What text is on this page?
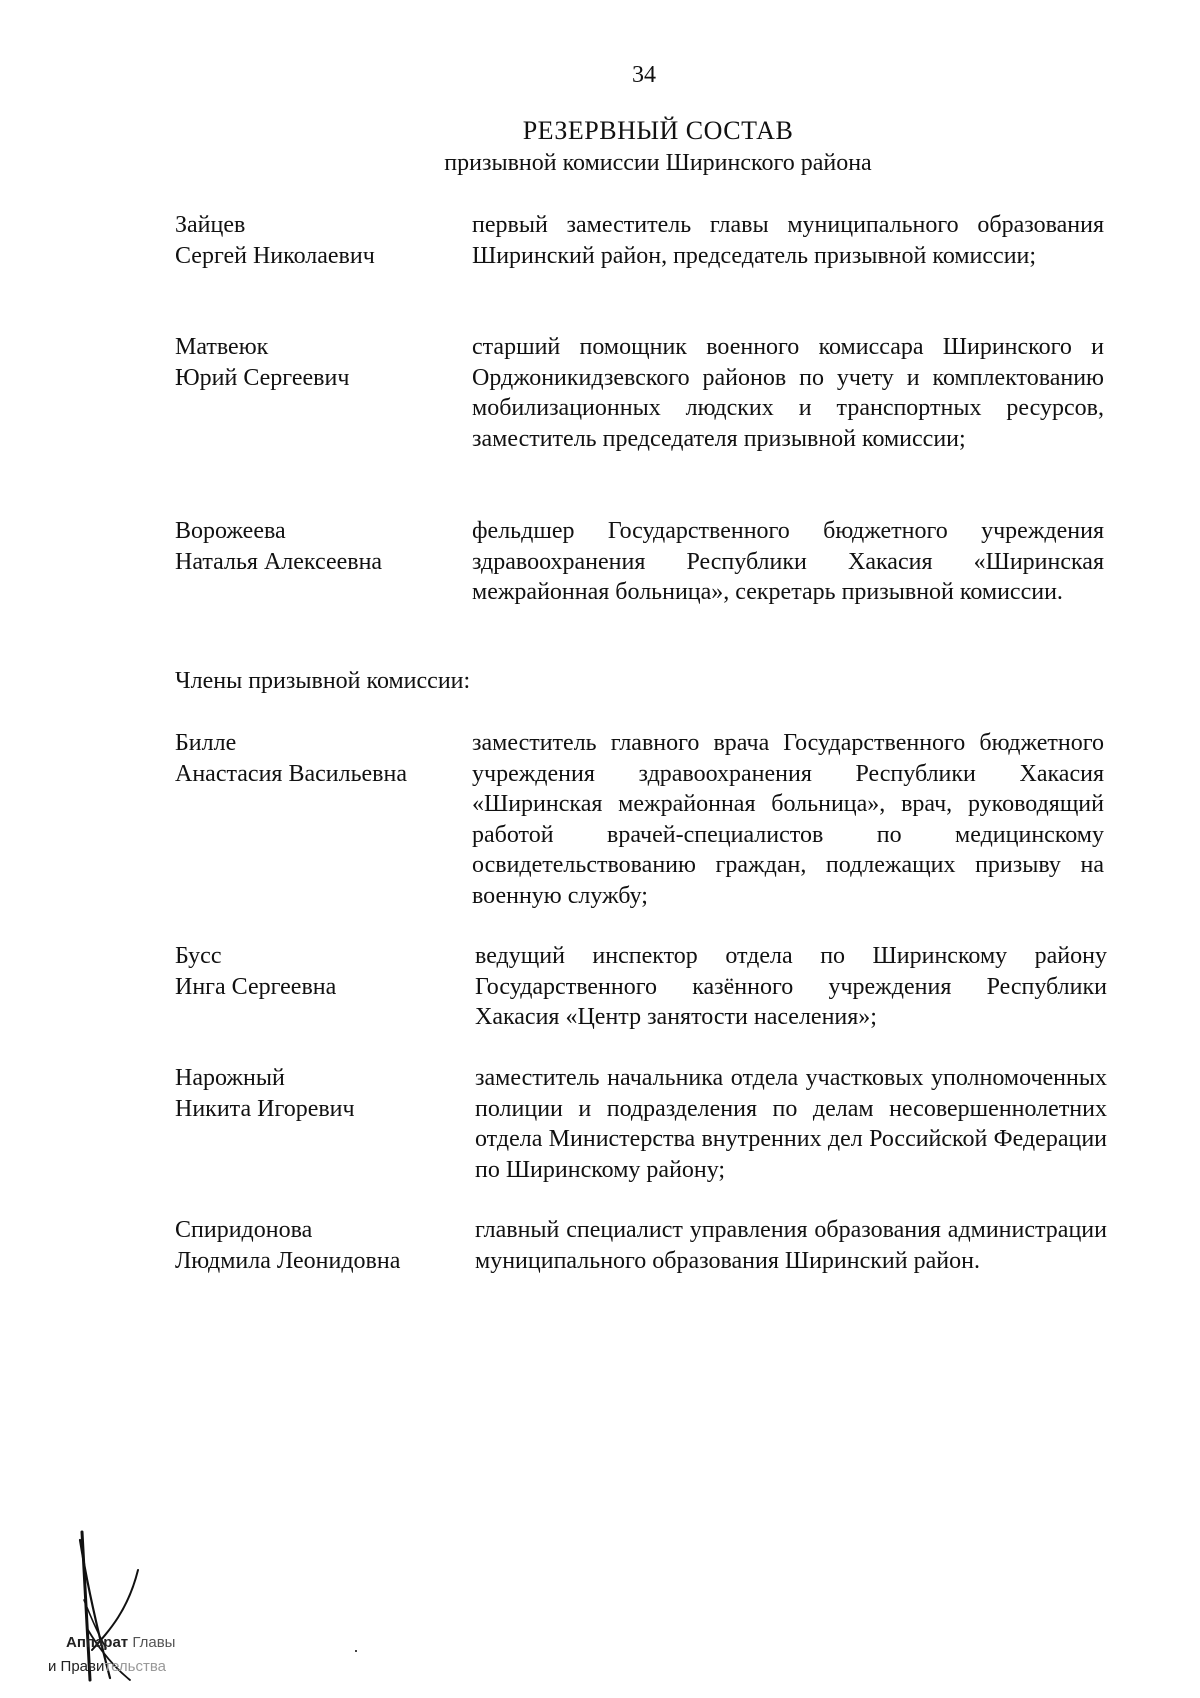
34
РЕЗЕРВНЫЙ СОСТАВ
призывной комиссии Ширинского района
Зайцев
Сергей Николаевич
первый заместитель главы муниципального образования Ширинский район, председатель призывной комиссии;
Матвеюк
Юрий Сергеевич
старший помощник военного комиссара Ширинского и Орджоникидзевского районов по учету и комплектованию мобилизационных людских и транспортных ресурсов, заместитель председателя призывной комиссии;
Ворожеева
Наталья Алексеевна
фельдшер Государственного бюджетного учреждения здравоохранения Республики Хакасия «Ширинская межрайонная больница», секретарь призывной комиссии.
Члены призывной комиссии:
Билле
Анастасия Васильевна
заместитель главного врача Государственного бюджетного учреждения здравоохранения Республики Хакасия «Ширинская межрайонная больница», врач, руководящий работой врачей-специалистов по медицинскому освидетельствованию граждан, подлежащих призыву на военную службу;
Бусс
Инга Сергеевна
ведущий инспектор отдела по Ширинскому району Государственного казённого учреждения Республики Хакасия «Центр занятости населения»;
Нарожный
Никита Игоревич
заместитель начальника отдела участковых уполномоченных полиции и подразделения по делам несовершеннолетних отдела Министерства внутренних дел Российской Федерации по Ширинскому району;
Спиридонова
Людмила Леонидовна
главный специалист управления образования администрации муниципального образования Ширинский район.
Аппарат Главы
и Правительства
